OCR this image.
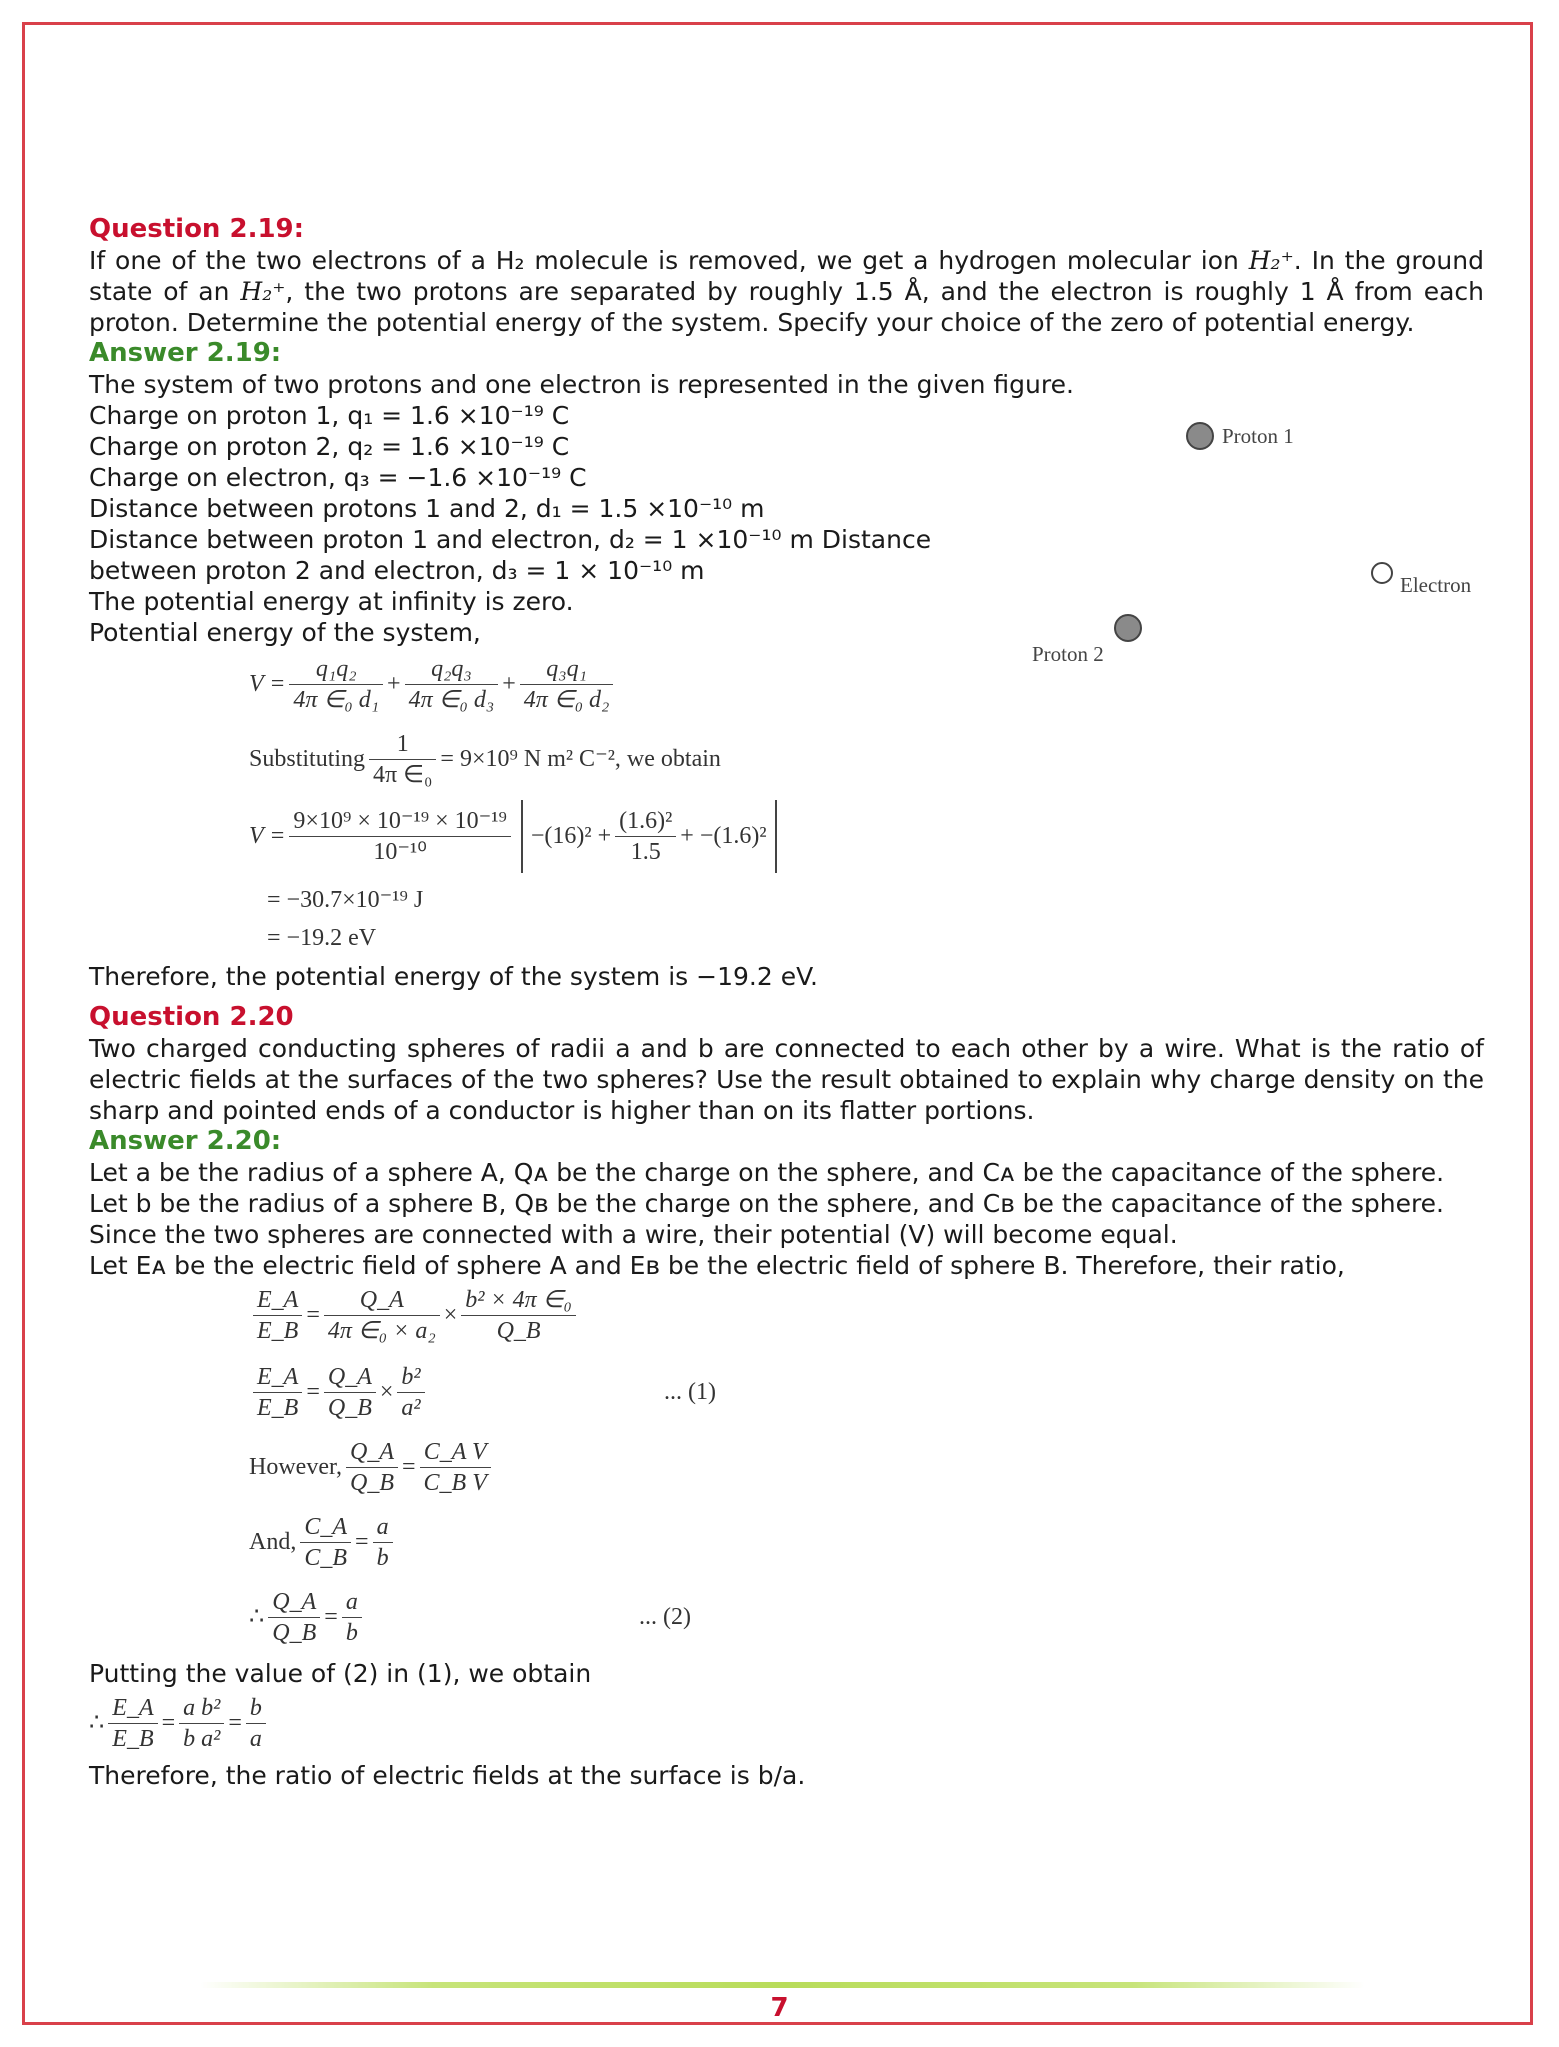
Question 2.19:

If one of the two electrons of a H₂ molecule is removed, we get a hydrogen molecular ion H₂⁺. In the ground state of an H₂⁺, the two protons are separated by roughly 1.5 Å, and the electron is roughly 1 Å from each proton. Determine the potential energy of the system. Specify your choice of the zero of potential energy.

Answer 2.19:

The system of two protons and one electron is represented in the given figure.

Charge on proton 1, q₁ = 1.6 ×10⁻¹⁹ C

Charge on proton 2, q₂ = 1.6 ×10⁻¹⁹ C

Charge on electron, q₃ = −1.6 ×10⁻¹⁹ C

Distance between protons 1 and 2, d₁ = 1.5 ×10⁻¹⁰ m

Distance between proton 1 and electron, d₂ = 1 ×10⁻¹⁰ m Distance

between proton 2 and electron, d₃ = 1 × 10⁻¹⁰ m

The potential energy at infinity is zero.

Potential energy of the system,

$V = \frac{\text{q₁q₂}}{\text{4π ∈₀ d₁}} + \frac{\text{q₂q₃}}{\text{4π ∈₀ d₃}} + \frac{\text{q₃q₁}}{\text{4π ∈₀ d₂}}$
Substituting $\frac{1}{\text{4π ∈₀}} = 9\times 10^9$ N m² C⁻², we obtain
$V = \frac{\text{9×10⁹ × 10⁻¹⁹ × 10⁻¹⁹}}{\text{10⁻¹⁰}} -(16)^2 + \frac{\text{(1.6)²}}{1.5} + -(1.6)^2$

= −30.7×10⁻¹⁹ J

= −19.2 eV

Therefore, the potential energy of the system is −19.2 eV.

Question 2.20

Two charged conducting spheres of radii a and b are connected to each other by a wire. What is the ratio of electric fields at the surfaces of the two spheres? Use the result obtained to explain why charge density on the sharp and pointed ends of a conductor is higher than on its flatter portions.

Answer 2.20:

Let a be the radius of a sphere A, Qᴀ be the charge on the sphere, and Cᴀ be the capacitance of the sphere.

Let b be the radius of a sphere B, Qʙ be the charge on the sphere, and Cʙ be the capacitance of the sphere.

Since the two spheres are connected with a wire, their potential (V) will become equal.

Let Eᴀ be the electric field of sphere A and Eʙ be the electric field of sphere B. Therefore, their ratio,

$\frac{E\_A}{E\_B} = \frac{Q\_A}{\text{4π ∈₀ × a₂}} \times \frac{\text{b² × 4π ∈₀}}{Q\_B}$
$\frac{E\_A}{E\_B} = \frac{Q\_A}{Q\_B} \times \frac{\text{b²}}{\text{a²}}$	... (1)
However, $\frac{Q\_A}{Q\_B} = \frac{\text{C\_A V}}{\text{C\_B V}}$
And, $\frac{C\_A}{C\_B} = \frac{a}{b}$
∴ $\frac{Q\_A}{Q\_B} = \frac{a}{b}$	... (2)

Putting the value of (2) in (1), we obtain

∴ $\frac{E\_A}{E\_B} = \frac{\text{a b²}}{\text{b a²}} = \frac{b}{a}$

Therefore, the ratio of electric fields at the surface is b/a.

Proton 1
Electron
Proton 2
7
